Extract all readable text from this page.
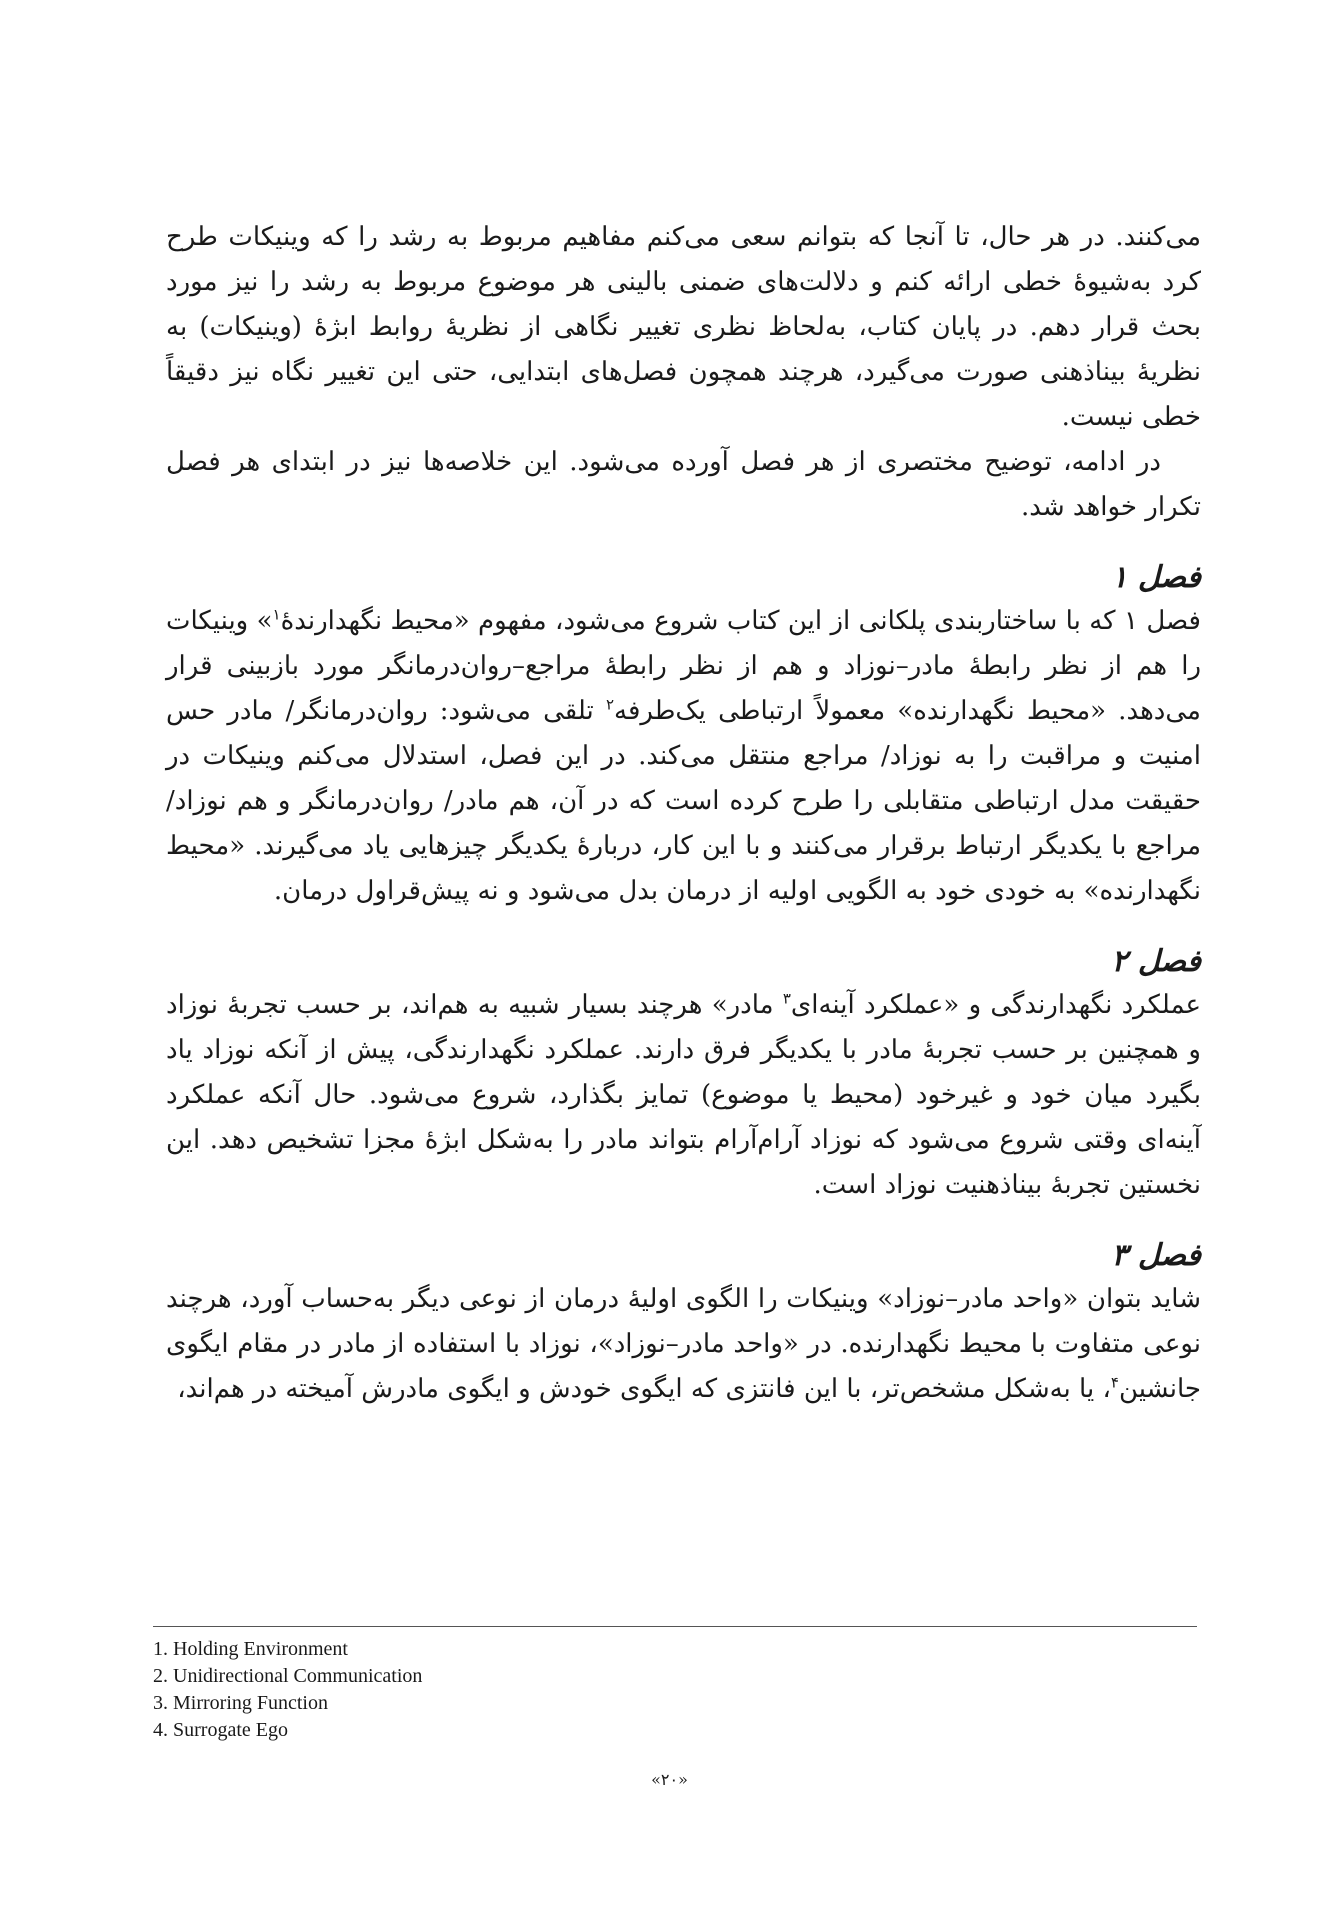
می‌کنند. در هر حال، تا آنجا که بتوانم سعی می‌کنم مفاهیم مربوط به رشد را که وینیکات طرح کرد به‌شیوهٔ خطی ارائه کنم و دلالت‌های ضمنی بالینی هر موضوع مربوط به رشد را نیز مورد بحث قرار دهم. در پایان کتاب، به‌لحاظ نظری تغییر نگاهی از نظریهٔ روابط ابژهٔ (وینیکات) به نظریهٔ بیناذهنی صورت می‌گیرد، هرچند همچون فصل‌های ابتدایی، حتی این تغییر نگاه نیز دقیقاً خطی نیست.

در ادامه، توضیح مختصری از هر فصل آورده می‌شود. این خلاصه‌ها نیز در ابتدای هر فصل تکرار خواهد شد.

فصل ۱

فصل ۱ که با ساختاربندی پلکانی از این کتاب شروع می‌شود، مفهوم «محیط نگهدارندهٔ$^۱$» وینیکات را هم از نظر رابطهٔ مادر–نوزاد و هم از نظر رابطهٔ مراجع–روان‌درمانگر مورد بازبینی قرار می‌دهد. «محیط نگهدارنده» معمولاً ارتباطی یک‌طرفه$^۲$ تلقی می‌شود: روان‌درمانگر/ مادر حس امنیت و مراقبت را به نوزاد/ مراجع منتقل می‌کند. در این فصل، استدلال می‌کنم وینیکات در حقیقت مدل ارتباطی متقابلی را طرح کرده است که در آن، هم مادر/ روان‌درمانگر و هم نوزاد/ مراجع با یکدیگر ارتباط برقرار می‌کنند و با این کار، دربارهٔ یکدیگر چیزهایی یاد می‌گیرند. «محیط نگهدارنده» به خودی خود به الگویی اولیه از درمان بدل می‌شود و نه پیش‌قراول درمان.

فصل ۲

عملکرد نگهدارندگی و «عملکرد آینه‌ای$^۳$ مادر» هرچند بسیار شبیه به هم‌اند، بر حسب تجربهٔ نوزاد و همچنین بر حسب تجربهٔ مادر با یکدیگر فرق دارند. عملکرد نگهدارندگی، پیش از آنکه نوزاد یاد بگیرد میان خود و غیرخود (محیط یا موضوع) تمایز بگذارد، شروع می‌شود. حال آنکه عملکرد آینه‌ای وقتی شروع می‌شود که نوزاد آرام‌آرام بتواند مادر را به‌شکل ابژهٔ مجزا تشخیص دهد. این نخستین تجربهٔ بیناذهنیت نوزاد است.

فصل ۳

شاید بتوان «واحد مادر–نوزاد» وینیکات را الگوی اولیهٔ درمان از نوعی دیگر به‌حساب آورد، هرچند نوعی متفاوت با محیط نگهدارنده. در «واحد مادر–نوزاد»، نوزاد با استفاده از مادر در مقام ایگوی جانشین$^۴$، یا به‌شکل مشخص‌تر، با این فانتزی که ایگوی خودش و ایگوی مادرش آمیخته در هم‌اند،

1. Holding Environment
2. Unidirectional Communication
3. Mirroring Function
4. Surrogate Ego
«۲۰»
